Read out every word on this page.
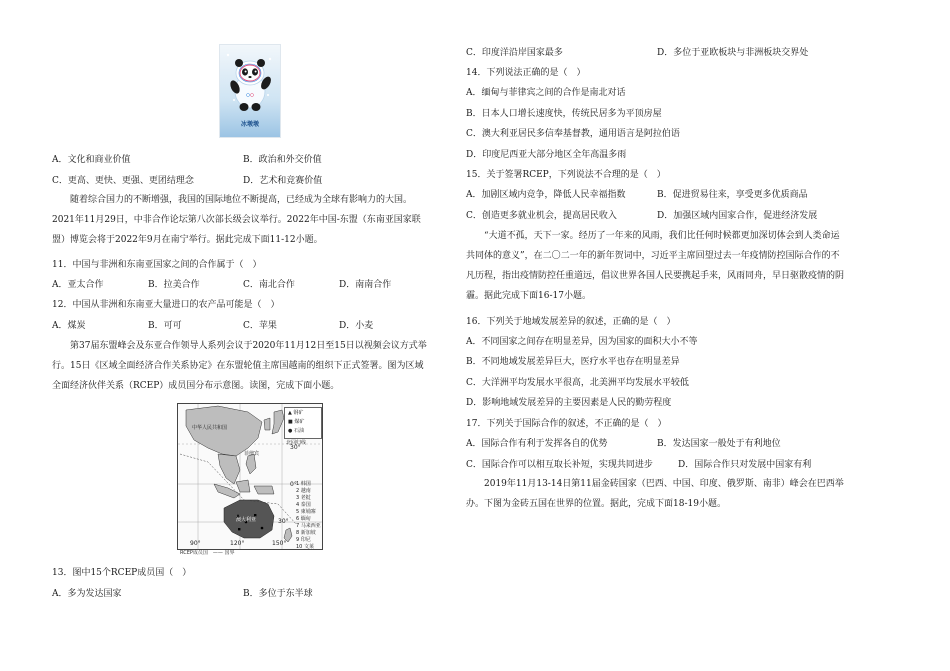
冰墩墩
A．文化和商业价值	B．政治和外交价值
C．更高、更快、更强、更团结理念	D．艺术和竞赛价值
随着综合国力的不断增强，我国的国际地位不断提高，已经成为全球有影响力的大国。2021年11月29日，中非合作论坛第八次部长级会议举行。2022年中国-东盟（东南亚国家联盟）博览会将于2022年9月在南宁举行。据此完成下面11-12小题。
11．中国与非洲和东南亚国家之间的合作属于（　）
A．亚太合作	B．拉美合作	C．南北合作	D．南南合作
12．中国从非洲和东南亚大量进口的农产品可能是（　）
A．煤炭	B．可可	C．苹果	D．小麦
第37届东盟峰会及东亚合作领导人系列会议于2020年11月12日至15日以视频会议方式举行。15日《区域全面经济合作关系协定》在东盟轮值主席国越南的组织下正式签署。图为区域全面经济伙伴关系（RCEP）成员国分布示意图。读图，完成下面小题。
▲ 钢矿
■ 煤矿
● 石油
中华人民共和国
菲律宾
澳大利亚
北回归线
1 韩国
2 越南
3 老挝
4 泰国
5 柬埔寨
6 缅甸
7 马来西亚
8 新加坡
9 印尼
10 文莱
30°
0°
30°
90°	120°	150°
RCEP成员国　—— 国界
13．图中15个RCEP成员国（　）
A．多为发达国家	B．多位于东半球
C．印度洋沿岸国家最多	D．多位于亚欧板块与非洲板块交界处
14．下列说法正确的是（　）
A．缅甸与菲律宾之间的合作是南北对话
B．日本人口增长速度快，传统民居多为平顶房屋
C．澳大利亚居民多信奉基督教，通用语言是阿拉伯语
D．印度尼西亚大部分地区全年高温多雨
15．关于签署RCEP，下列说法不合理的是（　）
A．加剧区域内竞争，降低人民幸福指数	B．促进贸易往来，享受更多优质商品
C．创造更多就业机会，提高居民收入	D．加强区域内国家合作，促进经济发展
“大道不孤，天下一家。经历了一年来的风雨，我们比任何时候都更加深切体会到人类命运共同体的意义”，在二〇二一年的新年贺词中，习近平主席回望过去一年疫情防控国际合作的不凡历程，指出疫情防控任重道远，倡议世界各国人民要携起手来，风雨同舟，早日驱散疫情的阴霾。据此完成下面16-17小题。
16．下列关于地域发展差异的叙述，正确的是（　）
A．不同国家之间存在明显差异，因为国家的面积大小不等
B．不同地域发展差异巨大，医疗水平也存在明显差异
C．大洋洲平均发展水平很高，北美洲平均发展水平较低
D．影响地域发展差异的主要因素是人民的勤劳程度
17．下列关于国际合作的叙述，不正确的是（　）
A．国际合作有利于发挥各自的优势	B．发达国家一般处于有利地位
C．国际合作可以相互取长补短，实现共同进步	D．国际合作只对发展中国家有利
2019年11月13-14日第11届金砖国家（巴西、中国、印度、俄罗斯、南非）峰会在巴西举办。下图为金砖五国在世界的位置。据此，完成下面18-19小题。
